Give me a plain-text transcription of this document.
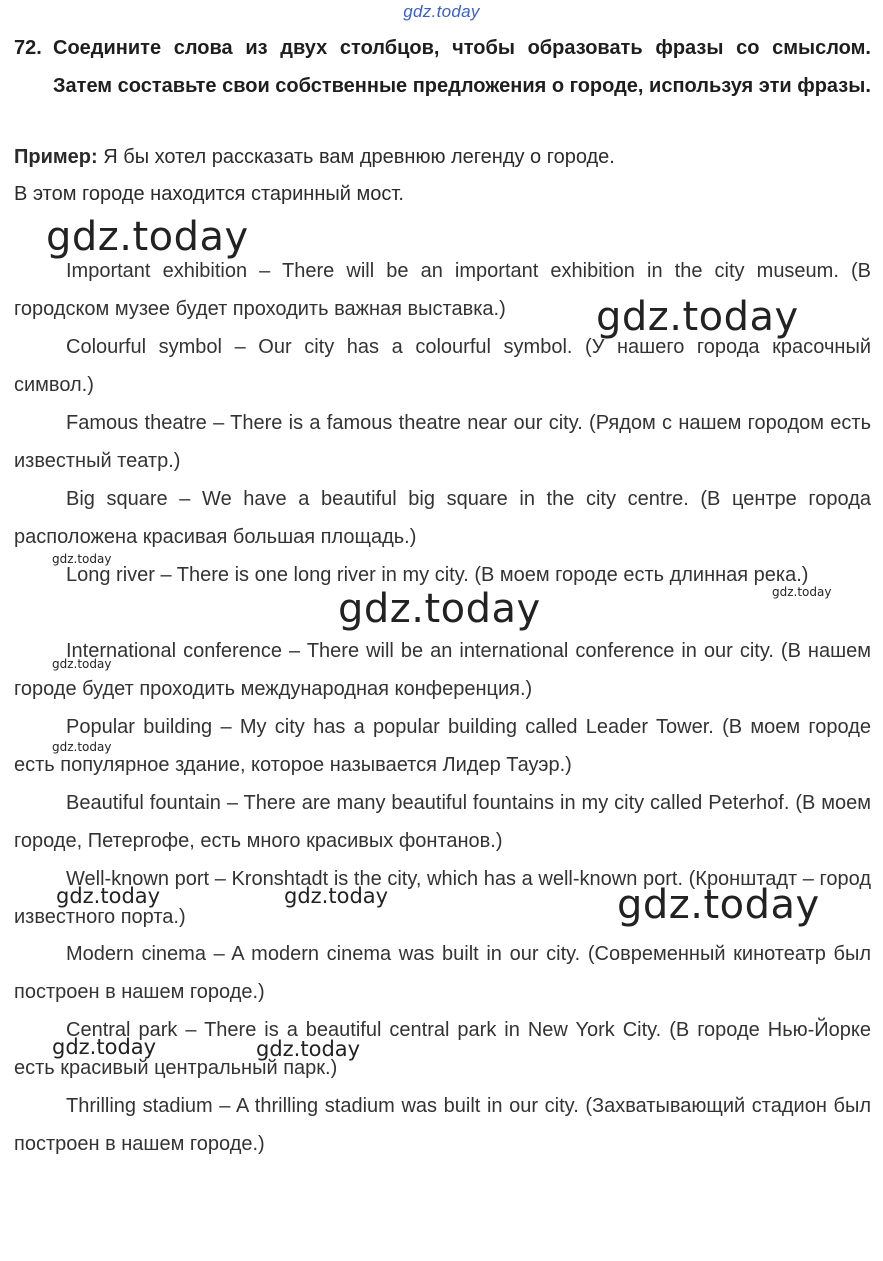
gdz.today
72. Соедините слова из двух столбцов, чтобы образовать фразы со смыслом. Затем составьте свои собственные предложения о городе, используя эти фразы.
Пример: Я бы хотел рассказать вам древнюю легенду о городе.
В этом городе находится старинный мост.
Important exhibition – There will be an important exhibition in the city museum. (В городском музее будет проходить важная выставка.)
Colourful symbol – Our city has a colourful symbol. (У нашего города красочный символ.)
Famous theatre – There is a famous theatre near our city. (Рядом с нашем городом есть известный театр.)
Big square – We have a beautiful big square in the city centre. (В центре города расположена красивая большая площадь.)
Long river – There is one long river in my city. (В моем городе есть длинная река.)
International conference – There will be an international conference in our city. (В нашем городе будет проходить международная конференция.)
Popular building – My city has a popular building called Leader Tower. (В моем городе есть популярное здание, которое называется Лидер Тауэр.)
Beautiful fountain – There are many beautiful fountains in my city called Peterhof. (В моем городе, Петергофе, есть много красивых фонтанов.)
Well-known port – Kronshtadt is the city, which has a well-known port. (Кронштадт – город известного порта.)
Modern cinema – A modern cinema was built in our city. (Современный кинотеатр был построен в нашем городе.)
Central park – There is a beautiful central park in New York City. (В городе Нью-Йорке есть красивый центральный парк.)
Thrilling stadium – A thrilling stadium was built in our city. (Захватывающий стадион был построен в нашем городе.)
gdz.today
gdz.today
gdz.today
gdz.today
gdz.today
gdz.today
gdz.today
gdz.today
gdz.today	gdz.today
gdz.today	gdz.today
